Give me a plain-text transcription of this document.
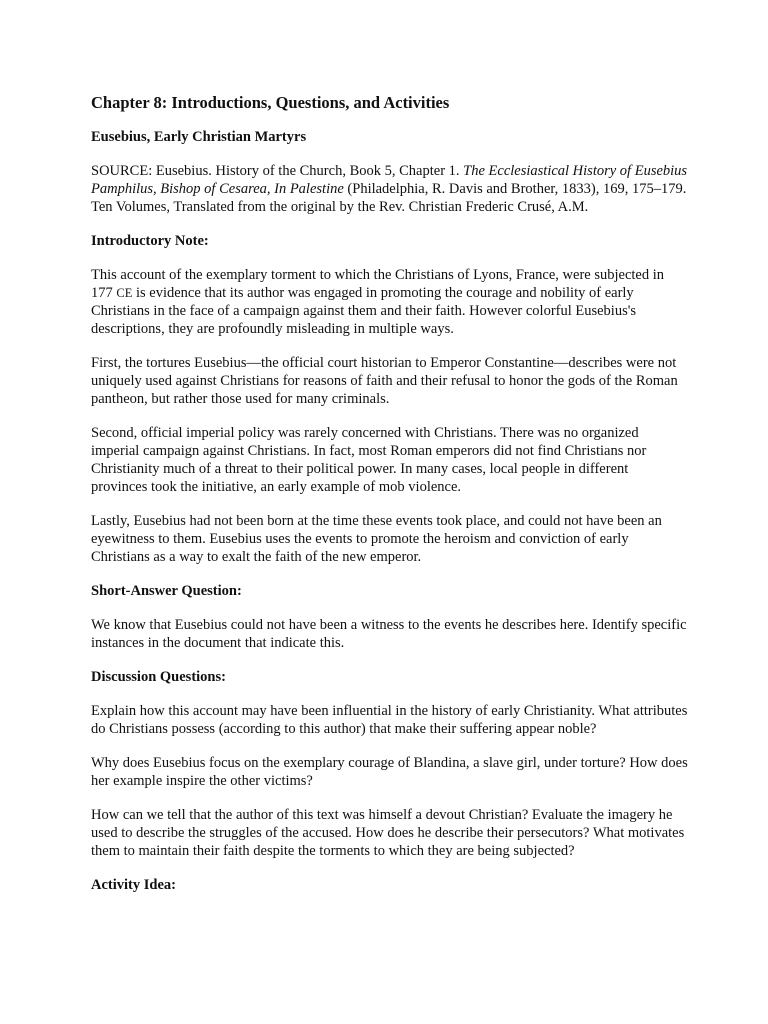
Chapter 8: Introductions, Questions, and Activities
Eusebius, Early Christian Martyrs
SOURCE: Eusebius. History of the Church, Book 5, Chapter 1. The Ecclesiastical History of Eusebius Pamphilus, Bishop of Cesarea, In Palestine (Philadelphia, R. Davis and Brother, 1833), 169, 175–179. Ten Volumes, Translated from the original by the Rev. Christian Frederic Crusé, A.M.
Introductory Note:
This account of the exemplary torment to which the Christians of Lyons, France, were subjected in 177 CE is evidence that its author was engaged in promoting the courage and nobility of early Christians in the face of a campaign against them and their faith. However colorful Eusebius's descriptions, they are profoundly misleading in multiple ways.
First, the tortures Eusebius—the official court historian to Emperor Constantine—describes were not uniquely used against Christians for reasons of faith and their refusal to honor the gods of the Roman pantheon, but rather those used for many criminals.
Second, official imperial policy was rarely concerned with Christians. There was no organized imperial campaign against Christians. In fact, most Roman emperors did not find Christians nor Christianity much of a threat to their political power. In many cases, local people in different provinces took the initiative, an early example of mob violence.
Lastly, Eusebius had not been born at the time these events took place, and could not have been an eyewitness to them. Eusebius uses the events to promote the heroism and conviction of early Christians as a way to exalt the faith of the new emperor.
Short-Answer Question:
We know that Eusebius could not have been a witness to the events he describes here. Identify specific instances in the document that indicate this.
Discussion Questions:
Explain how this account may have been influential in the history of early Christianity. What attributes do Christians possess (according to this author) that make their suffering appear noble?
Why does Eusebius focus on the exemplary courage of Blandina, a slave girl, under torture? How does her example inspire the other victims?
How can we tell that the author of this text was himself a devout Christian? Evaluate the imagery he used to describe the struggles of the accused. How does he describe their persecutors? What motivates them to maintain their faith despite the torments to which they are being subjected?
Activity Idea:
